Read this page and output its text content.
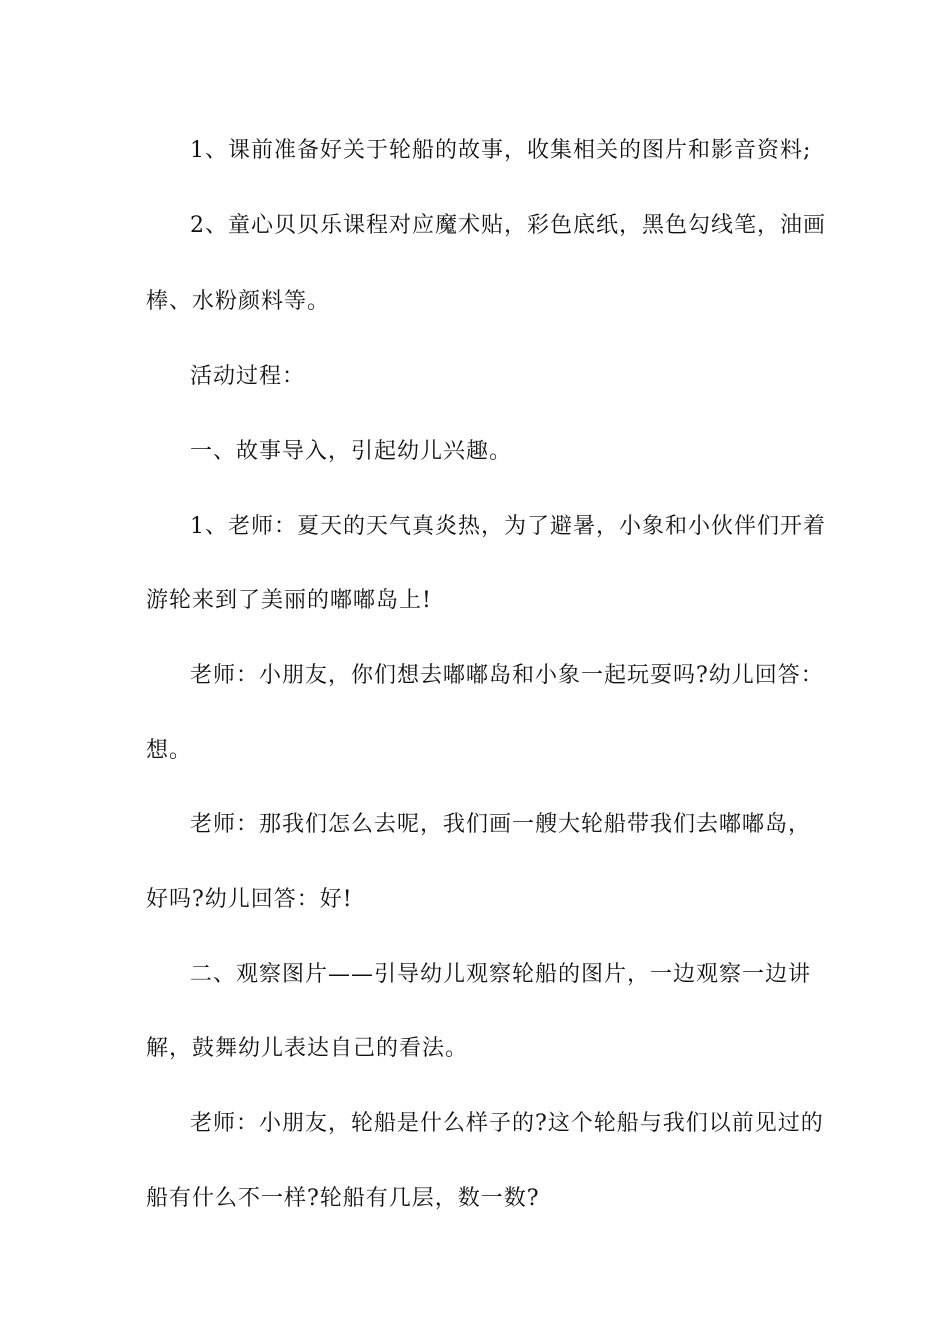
1、课前准备好关于轮船的故事，收集相关的图片和影音资料;
2、童心贝贝乐课程对应魔术贴，彩色底纸，黑色勾线笔，油画
棒、水粉颜料等。
活动过程：
一、故事导入，引起幼儿兴趣。
1、老师：夏天的天气真炎热，为了避暑，小象和小伙伴们开着
游轮来到了美丽的嘟嘟岛上!
老师：小朋友，你们想去嘟嘟岛和小象一起玩耍吗?幼儿回答：
想。
老师：那我们怎么去呢，我们画一艘大轮船带我们去嘟嘟岛，
好吗?幼儿回答：好!
二、观察图片——引导幼儿观察轮船的图片，一边观察一边讲
解，鼓舞幼儿表达自己的看法。
老师：小朋友，轮船是什么样子的?这个轮船与我们以前见过的
船有什么不一样?轮船有几层，数一数?
